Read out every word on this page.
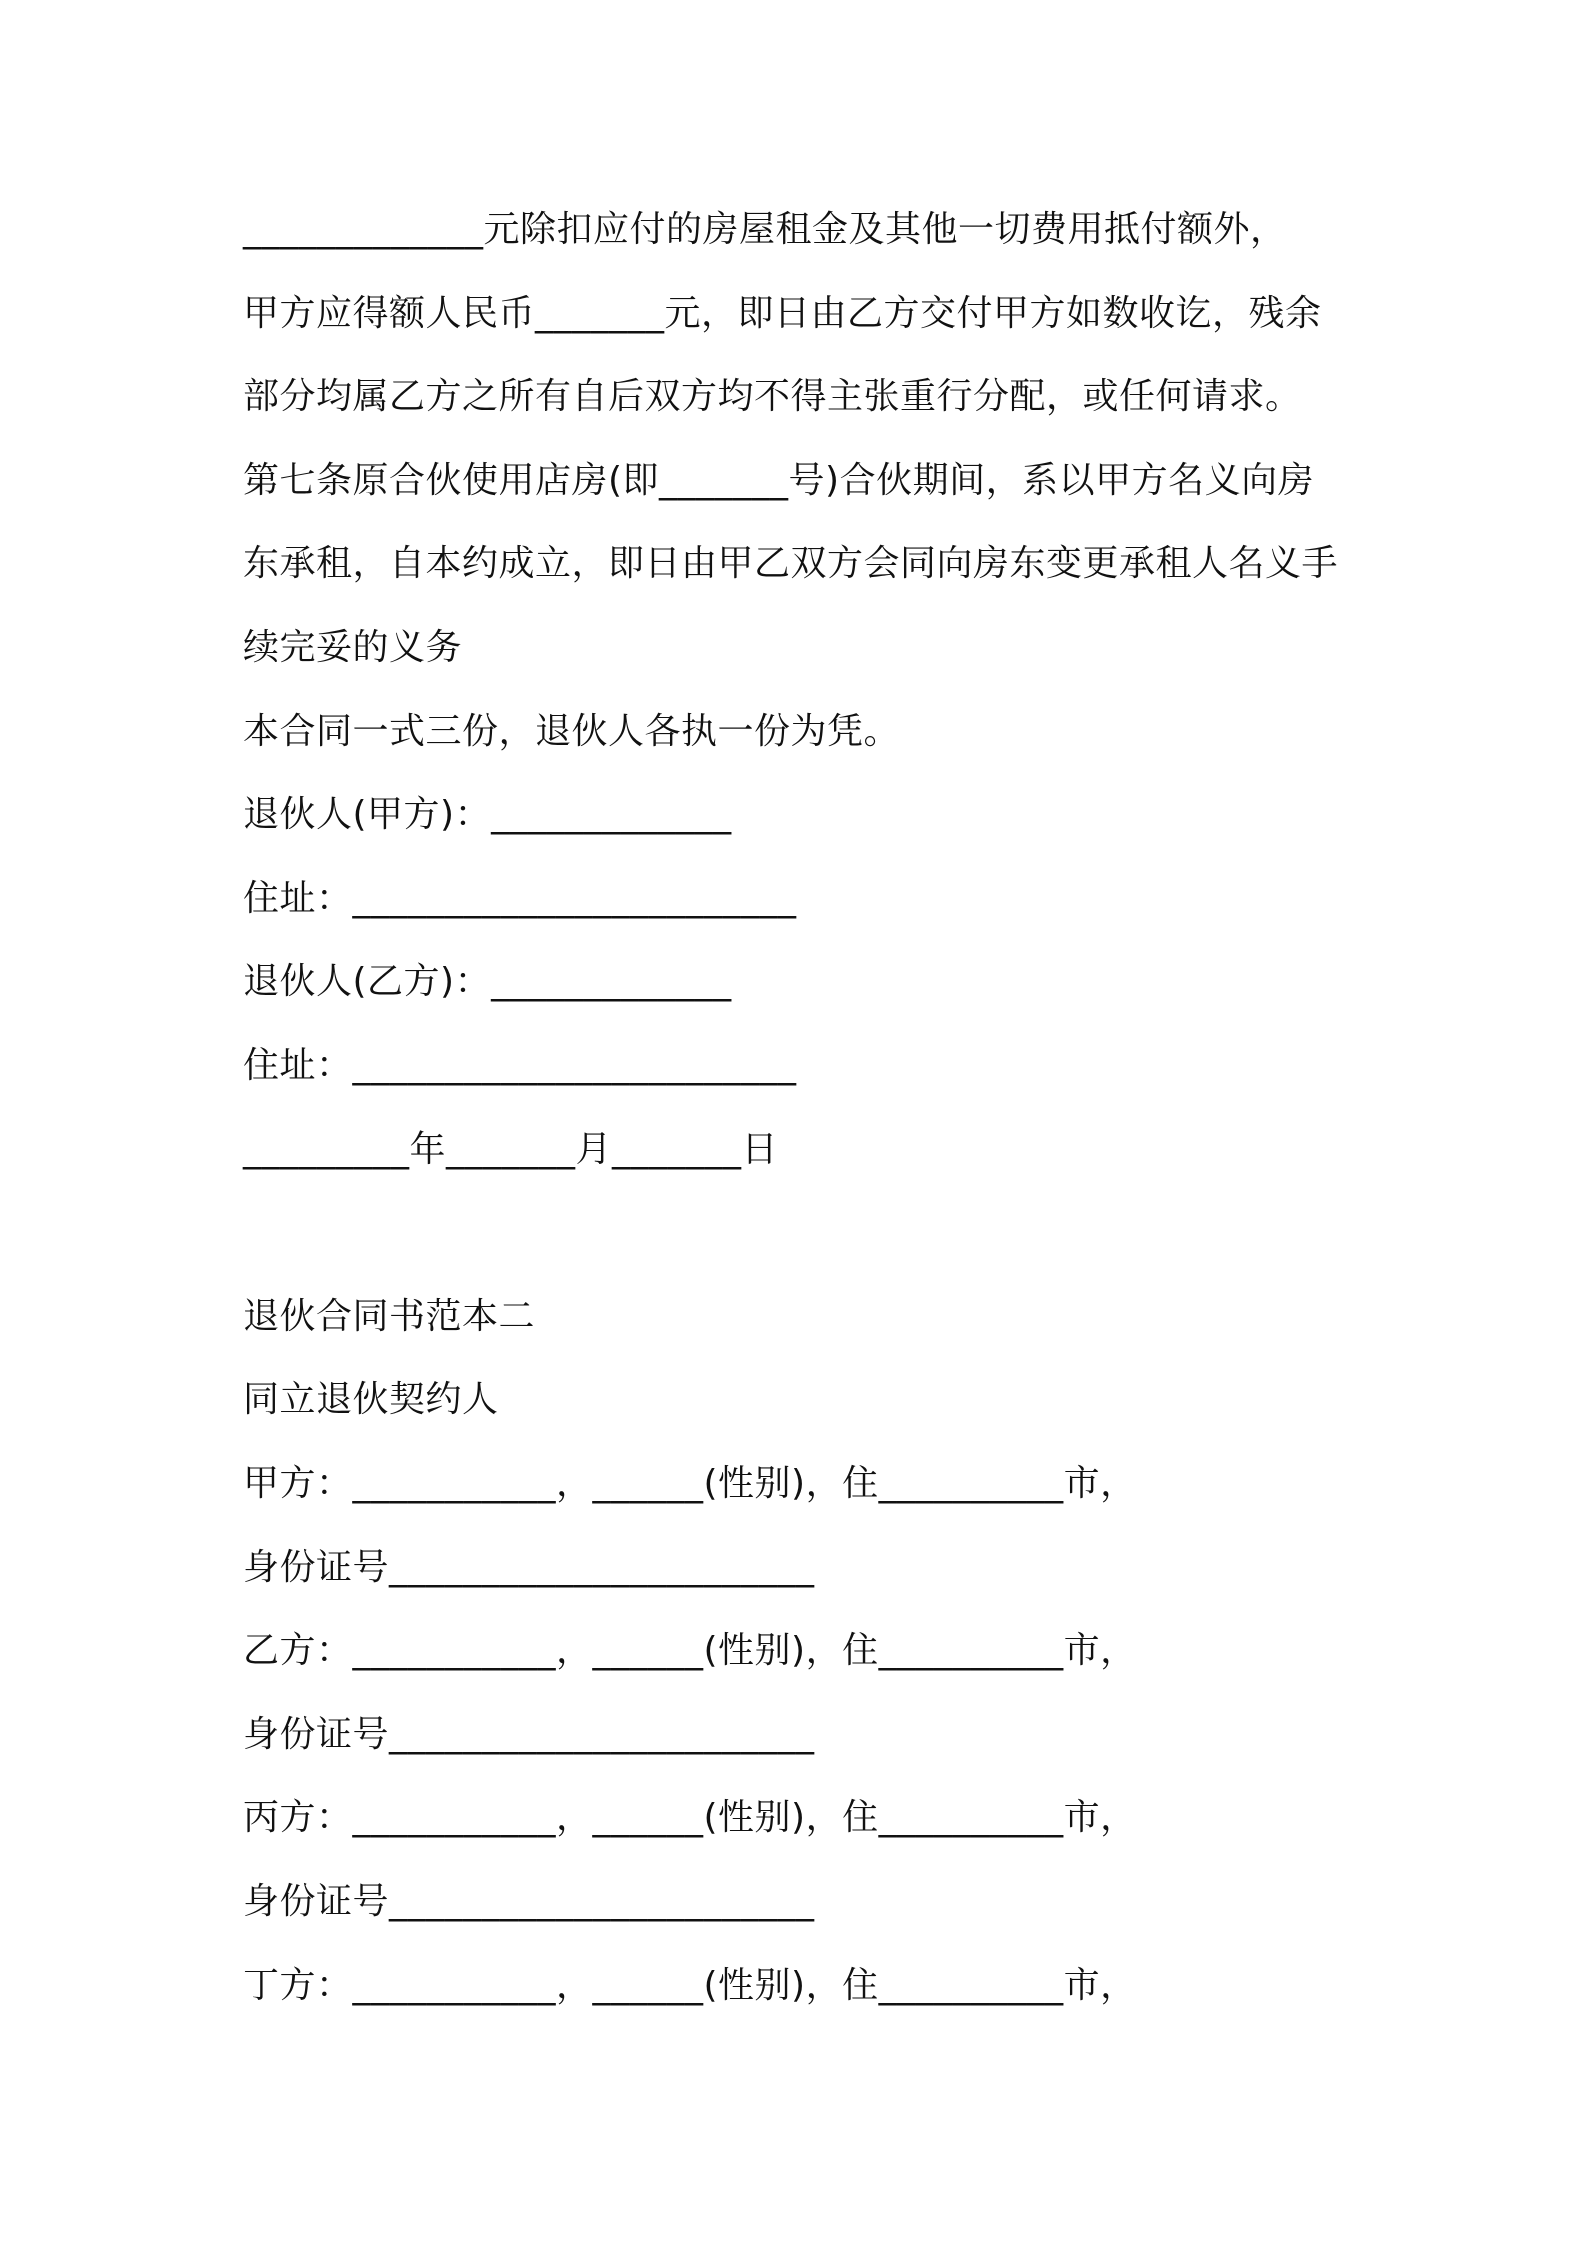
_____________元除扣应付的房屋租金及其他一切费用抵付额外，
甲方应得额人民币_______元，即日由乙方交付甲方如数收讫，残余
部分均属乙方之所有自后双方均不得主张重行分配，或任何请求。
第七条原合伙使用店房(即_______号)合伙期间，系以甲方名义向房
东承租，自本约成立，即日由甲乙双方会同向房东变更承租人名义手
续完妥的义务
本合同一式三份，退伙人各执一份为凭。
退伙人(甲方)：_____________
住址：________________________
退伙人(乙方)：_____________
住址：________________________
_________年_______月_______日
退伙合同书范本二
同立退伙契约人
甲方：___________，______(性别)，住__________市，
身份证号_______________________
乙方：___________，______(性别)，住__________市，
身份证号_______________________
丙方：___________，______(性别)，住__________市，
身份证号_______________________
丁方：___________，______(性别)，住__________市，
